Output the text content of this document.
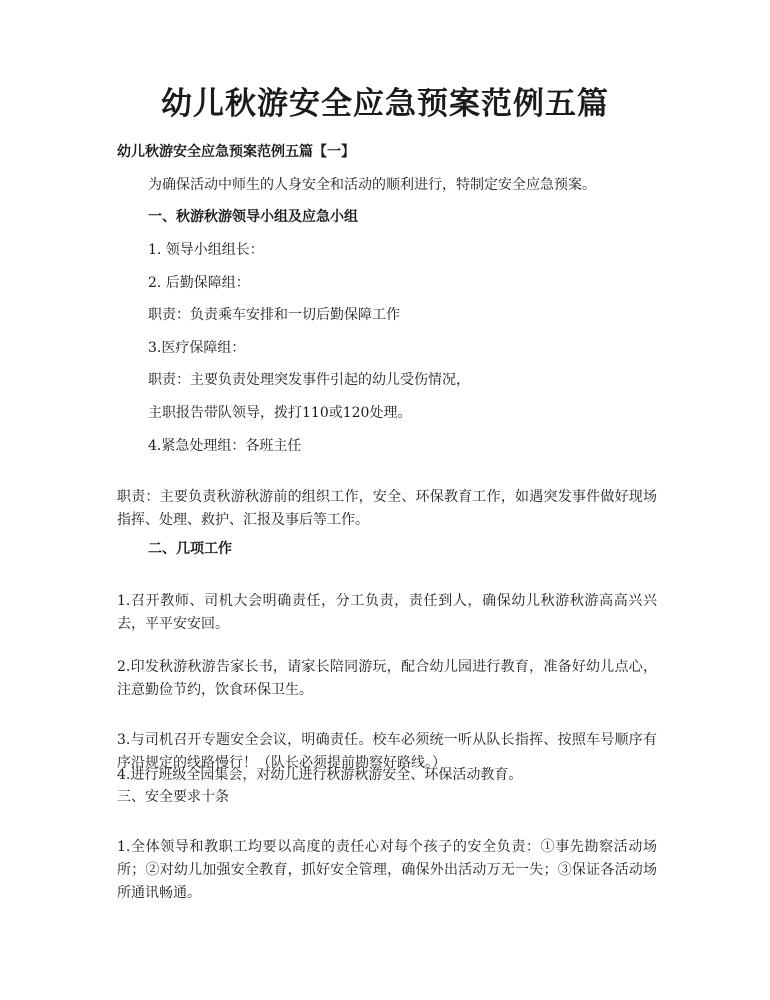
幼儿秋游安全应急预案范例五篇
幼儿秋游安全应急预案范例五篇【一】
为确保活动中师生的人身安全和活动的顺利进行，特制定安全应急预案。
一、秋游秋游领导小组及应急小组
1. 领导小组组长：
2. 后勤保障组：
职责：负责乘车安排和一切后勤保障工作
3.医疗保障组：
职责：主要负责处理突发事件引起的幼儿受伤情况，
主职报告带队领导，拨打110或120处理。
4.紧急处理组：各班主任
职责：主要负责秋游秋游前的组织工作，安全、环保教育工作，如遇突发事件做好现场指挥、处理、救护、汇报及事后等工作。
二、几项工作
1.召开教师、司机大会明确责任，分工负责，责任到人，确保幼儿秋游秋游高高兴兴去，平平安安回。
2.印发秋游秋游告家长书，请家长陪同游玩，配合幼儿园进行教育，准备好幼儿点心，注意勤俭节约，饮食环保卫生。
3.与司机召开专题安全会议，明确责任。校车必须统一听从队长指挥、按照车号顺序有序沿规定的线路慢行！（队长必须提前勘察好路线。）
4.进行班级全园集会，对幼儿进行秋游秋游安全、环保活动教育。
三、安全要求十条
1.全体领导和教职工均要以高度的责任心对每个孩子的安全负责：①事先勘察活动场所；②对幼儿加强安全教育，抓好安全管理，确保外出活动万无一失；③保证各活动场所通讯畅通。
